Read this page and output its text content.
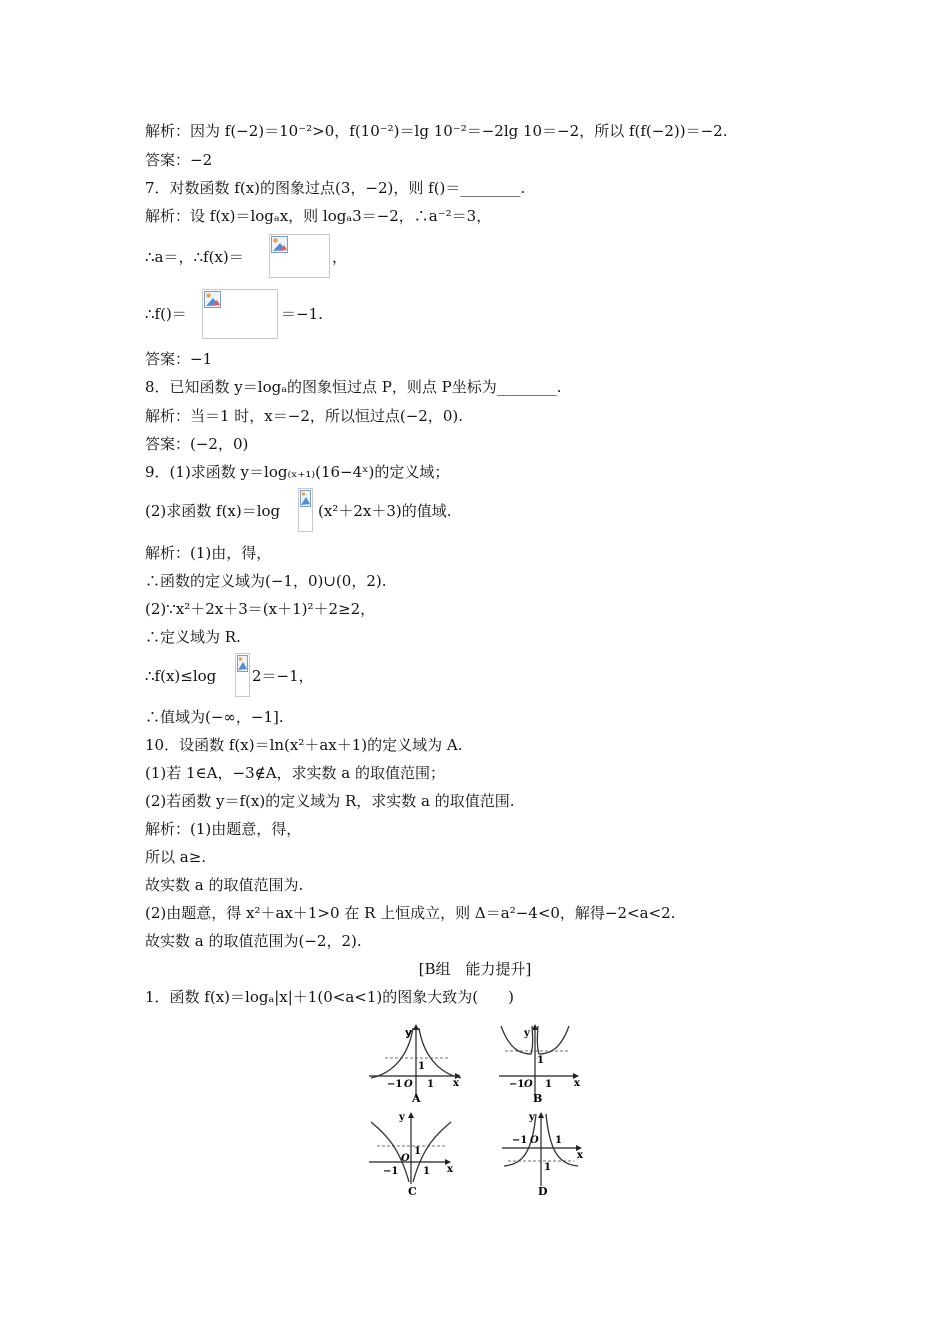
解析：因为 f(−2)＝10⁻²>0，f(10⁻²)＝lg 10⁻²＝−2lg 10＝−2，所以 f(f(−2))＝−2.
答案：−2
7．对数函数 f(x)的图象过点(3，−2)，则 f()＝________.
解析：设 f(x)＝logₐx，则 logₐ3＝−2，∴a⁻²＝3，
∴a＝，∴f(x)＝	，
∴f()＝	＝−1.
答案：−1
8．已知函数 y＝logₐ的图象恒过点 P，则点 P坐标为________.
解析：当＝1 时，x＝−2，所以恒过点(−2，0).
答案：(−2，0)
9．(1)求函数 y＝log₍ₓ₊₁₎(16−4ˣ)的定义域；
(2)求函数 f(x)＝log	(x²＋2x＋3)的值域.
解析：(1)由，得，
∴函数的定义域为(−1，0)∪(0，2).
(2)∵x²＋2x＋3＝(x＋1)²＋2≥2，
∴定义域为 R.
∴f(x)≤log 2＝−1，
∴值域为(−∞，−1].
10．设函数 f(x)＝ln(x²＋ax＋1)的定义域为 A.
(1)若 1∈A，−3∉A，求实数 a 的取值范围；
(2)若函数 y＝f(x)的定义域为 R，求实数 a 的取值范围.
解析：(1)由题意，得，
所以 a≥.
故实数 a 的取值范围为.
(2)由题意，得 x²＋ax＋1>0 在 R 上恒成立，则 Δ＝a²−4<0，解得−2<a<2.
故实数 a 的取值范围为(−2，2).
[B组　能力提升]
1．函数 f(x)＝logₐ|x|＋1(0<a<1)的图象大致为(　　)
y
x
−1 O 1
1
A
y
x
−1 O 1
1
B
y
x
−1
O
1
1
C
y
x
−1 O 1
1
D
